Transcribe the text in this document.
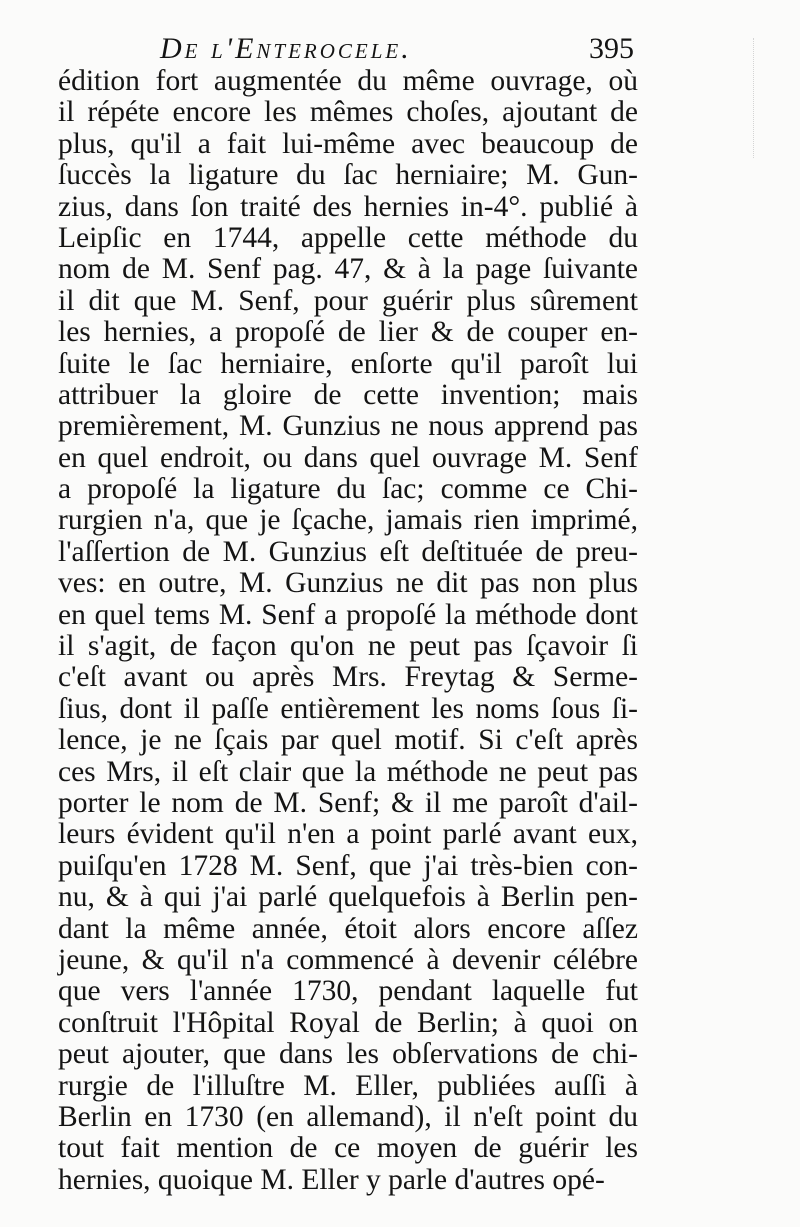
De l'Enterocele.	395
édition fort augmentée du même ouvrage, où
il répéte encore les mêmes choſes, ajoutant de
plus, qu'il a fait lui-même avec beaucoup de
ſuccès la ligature du ſac herniaire; M. Gun-
zius, dans ſon traité des hernies in-4°. publié à
Leipſic en 1744, appelle cette méthode du
nom de M. Senf pag. 47, & à la page ſuivante
il dit que M. Senf, pour guérir plus sûrement
les hernies, a propoſé de lier & de couper en-
ſuite le ſac herniaire, enſorte qu'il paroît lui
attribuer la gloire de cette invention; mais
premièrement, M. Gunzius ne nous apprend pas
en quel endroit, ou dans quel ouvrage M. Senf
a propoſé la ligature du ſac; comme ce Chi-
rurgien n'a, que je ſçache, jamais rien imprimé,
l'aſſertion de M. Gunzius eſt deſtituée de preu-
ves: en outre, M. Gunzius ne dit pas non plus
en quel tems M. Senf a propoſé la méthode dont
il s'agit, de façon qu'on ne peut pas ſçavoir ſi
c'eſt avant ou après Mrs. Freytag & Serme-
ſius, dont il paſſe entièrement les noms ſous ſi-
lence, je ne ſçais par quel motif. Si c'eſt après
ces Mrs, il eſt clair que la méthode ne peut pas
porter le nom de M. Senf; & il me paroît d'ail-
leurs évident qu'il n'en a point parlé avant eux,
puiſqu'en 1728 M. Senf, que j'ai très-bien con-
nu, & à qui j'ai parlé quelquefois à Berlin pen-
dant la même année, étoit alors encore aſſez
jeune, & qu'il n'a commencé à devenir célébre
que vers l'année 1730, pendant laquelle fut
conſtruit l'Hôpital Royal de Berlin; à quoi on
peut ajouter, que dans les obſervations de chi-
rurgie de l'illuſtre M. Eller, publiées auſſi à
Berlin en 1730 (en allemand), il n'eſt point du
tout fait mention de ce moyen de guérir les
hernies, quoique M. Eller y parle d'autres opé-
